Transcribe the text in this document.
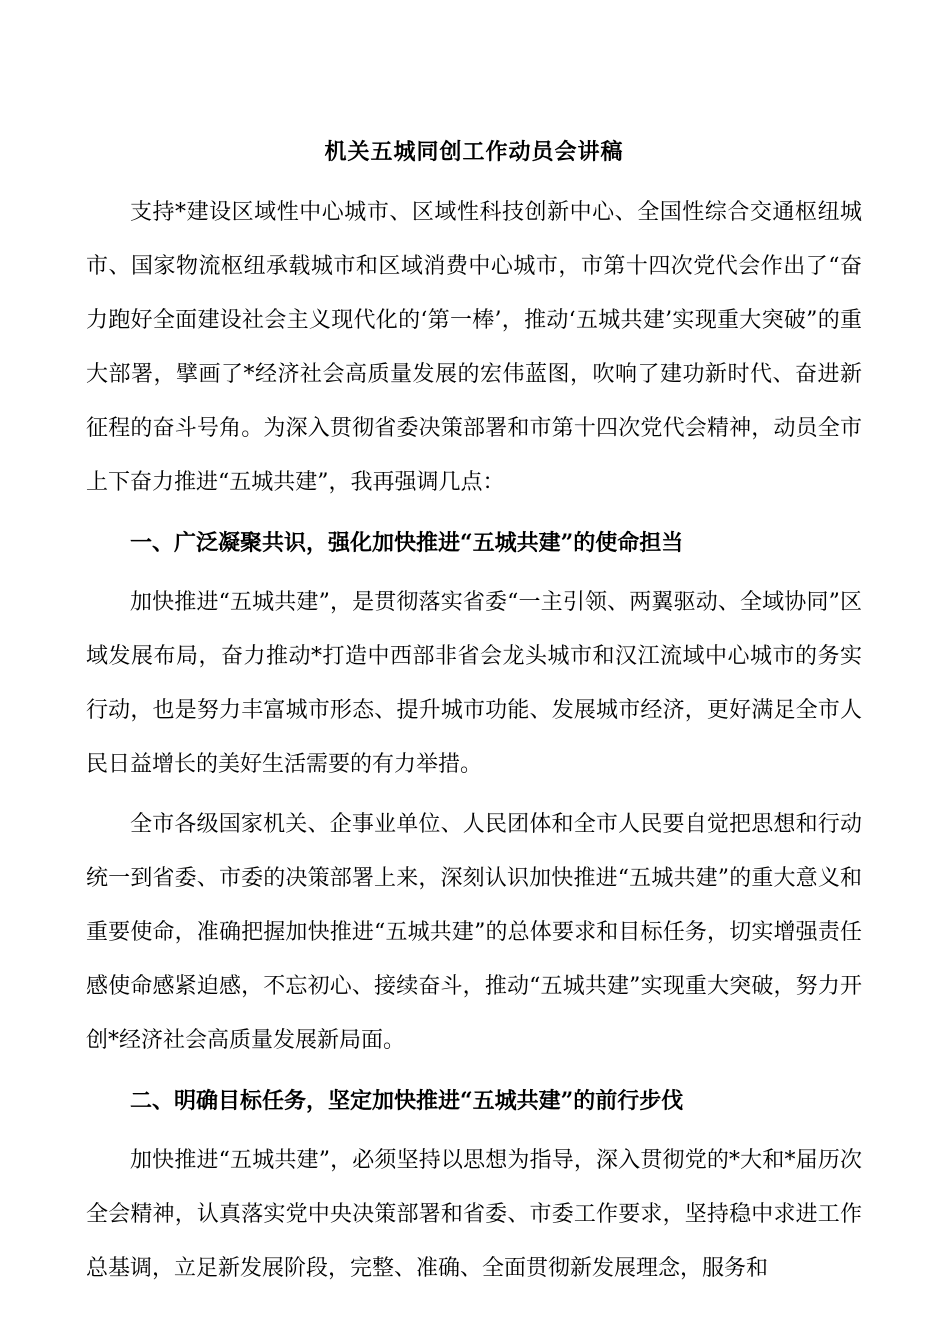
机关五城同创工作动员会讲稿

支持*建设区域性中心城市、区域性科技创新中心、全国性综合交通枢纽城市、国家物流枢纽承载城市和区域消费中心城市，市第十四次党代会作出了“奋力跑好全面建设社会主义现代化的‘第一棒’，推动‘五城共建’实现重大突破”的重大部署，擘画了*经济社会高质量发展的宏伟蓝图，吹响了建功新时代、奋进新征程的奋斗号角。为深入贯彻省委决策部署和市第十四次党代会精神，动员全市上下奋力推进“五城共建”，我再强调几点：

一、广泛凝聚共识，强化加快推进“五城共建”的使命担当

加快推进“五城共建”，是贯彻落实省委“一主引领、两翼驱动、全域协同”区域发展布局，奋力推动*打造中西部非省会龙头城市和汉江流域中心城市的务实行动，也是努力丰富城市形态、提升城市功能、发展城市经济，更好满足全市人民日益增长的美好生活需要的有力举措。

全市各级国家机关、企事业单位、人民团体和全市人民要自觉把思想和行动统一到省委、市委的决策部署上来，深刻认识加快推进“五城共建”的重大意义和重要使命，准确把握加快推进“五城共建”的总体要求和目标任务，切实增强责任感使命感紧迫感，不忘初心、接续奋斗，推动“五城共建”实现重大突破，努力开创*经济社会高质量发展新局面。

二、明确目标任务，坚定加快推进“五城共建”的前行步伐

加快推进“五城共建”，必须坚持以思想为指导，深入贯彻党的*大和*届历次全会精神，认真落实党中央决策部署和省委、市委工作要求，坚持稳中求进工作总基调，立足新发展阶段，完整、准确、全面贯彻新发展理念，服务和
